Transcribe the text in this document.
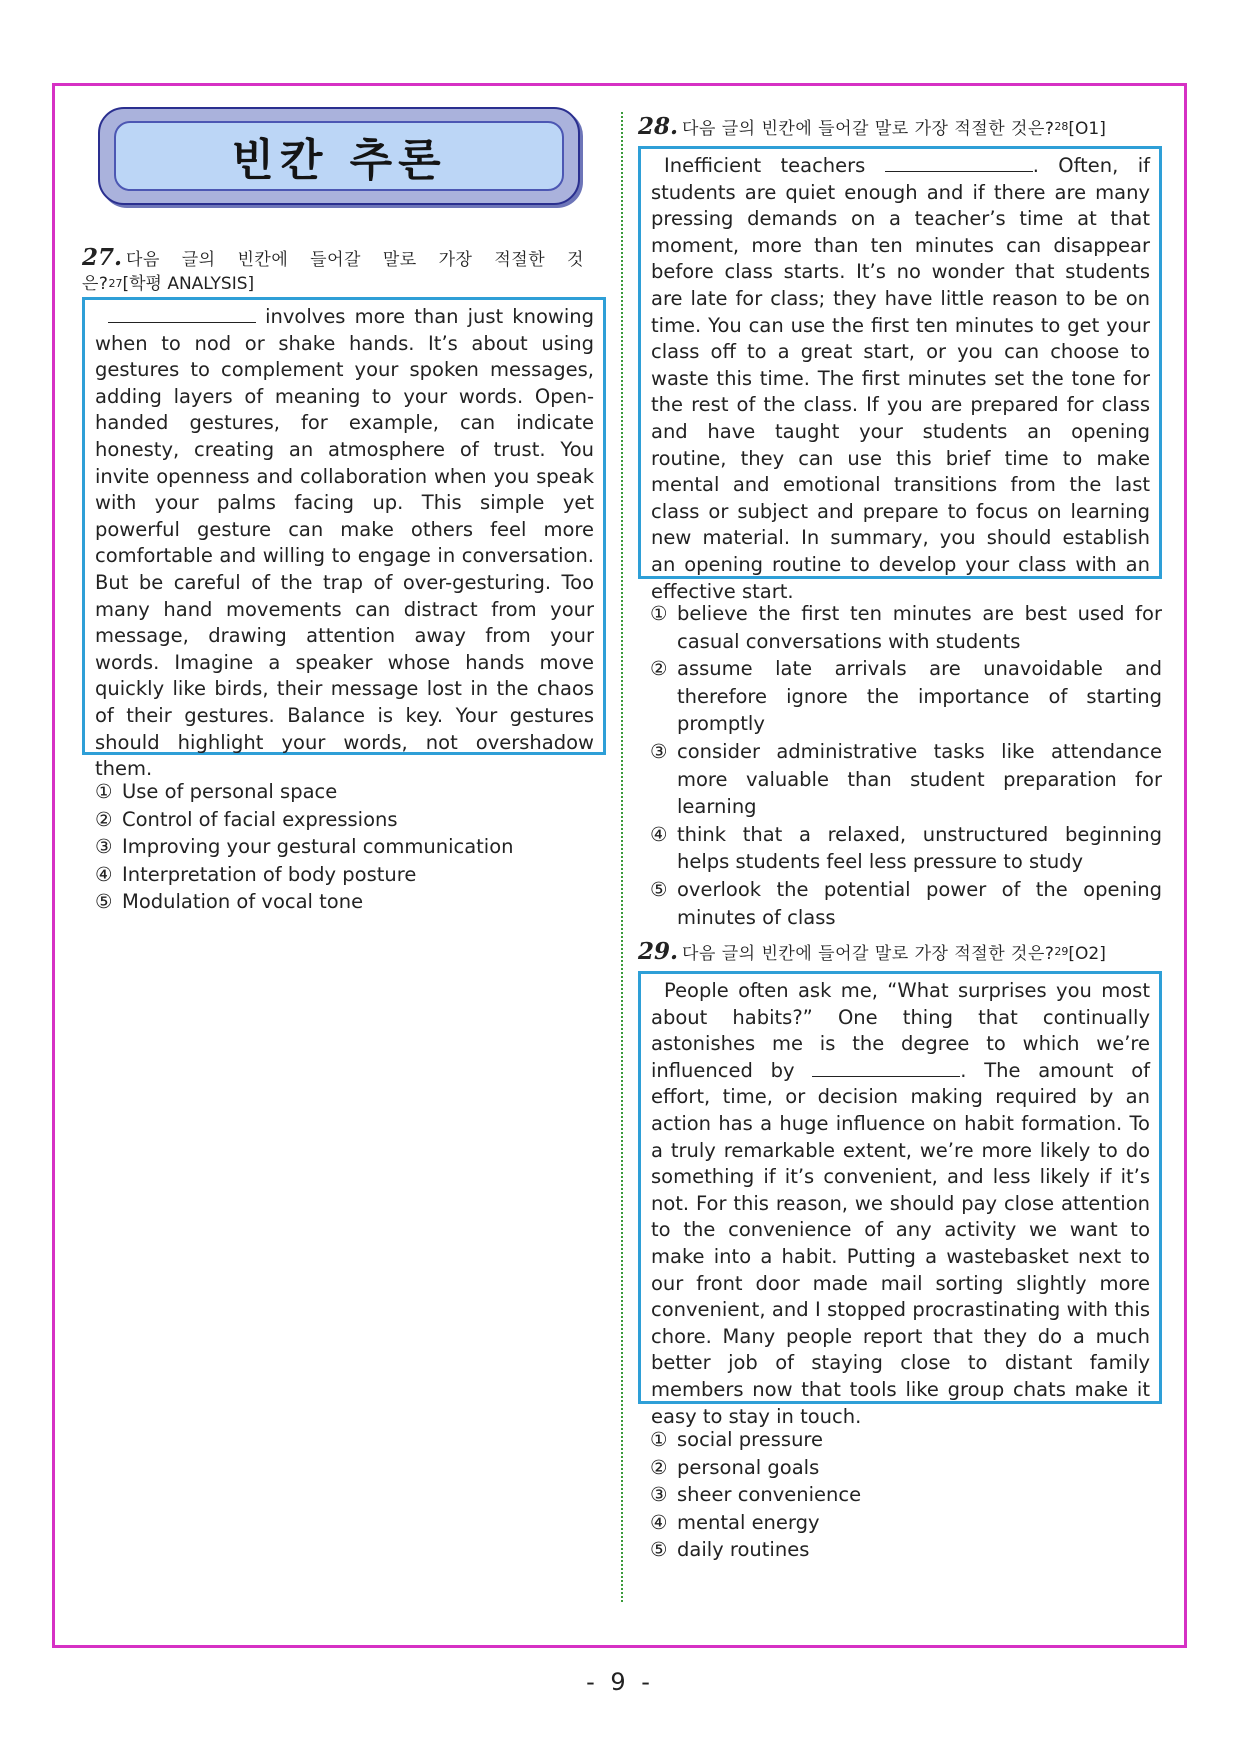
빈칸 추론
27. 다음 글의 빈칸에 들어갈 말로 가장 적절한 것은?$^{27}$[학평 ANALYSIS]

involves more than just knowing when to nod or shake hands. It’s about using gestures to complement your spoken messages, adding layers of meaning to your words. Open-handed gestures, for example, can indicate honesty, creating an atmosphere of trust. You invite openness and collaboration when you speak with your palms facing up. This simple yet powerful gesture can make others feel more comfortable and willing to engage in conversation. But be careful of the trap of over-gesturing. Too many hand movements can distract from your message, drawing attention away from your words. Imagine a speaker whose hands move quickly like birds, their message lost in the chaos of their gestures. Balance is key. Your gestures should highlight your words, not overshadow them.

① Use of personal space
② Control of facial expressions
③ Improving your gestural communication
④ Interpretation of body posture
⑤ Modulation of vocal tone
28. 다음 글의 빈칸에 들어갈 말로 가장 적절한 것은?$^{28}$[O1]

Inefficient teachers	. Often, if students are quiet enough and if there are many pressing demands on a teacher’s time at that moment, more than ten minutes can disappear before class starts. It’s no wonder that students are late for class; they have little reason to be on time. You can use the first ten minutes to get your class off to a great start, or you can choose to waste this time. The first minutes set the tone for the rest of the class. If you are prepared for class and have taught your students an opening routine, they can use this brief time to make mental and emotional transitions from the last class or subject and prepare to focus on learning new material. In summary, you should establish an opening routine to develop your class with an effective start.

① believe the first ten minutes are best used for casual conversations with students
② assume late arrivals are unavoidable and therefore ignore the importance of starting promptly
③ consider administrative tasks like attendance more valuable than student preparation for learning
④ think that a relaxed, unstructured beginning helps students feel less pressure to study
⑤ overlook the potential power of the opening minutes of class
29. 다음 글의 빈칸에 들어갈 말로 가장 적절한 것은?$^{29}$[O2]

People often ask me, “What surprises you most about habits?” One thing that continually astonishes me is the degree to which we’re influenced by	. The amount of effort, time, or decision making required by an action has a huge influence on habit formation. To a truly remarkable extent, we’re more likely to do something if it’s convenient, and less likely if it’s not. For this reason, we should pay close attention to the convenience of any activity we want to make into a habit. Putting a wastebasket next to our front door made mail sorting slightly more convenient, and I stopped procrastinating with this chore. Many people report that they do a much better job of staying close to distant family members now that tools like group chats make it easy to stay in touch.

① social pressure
② personal goals
③ sheer convenience
④ mental energy
⑤ daily routines
- 9 -
